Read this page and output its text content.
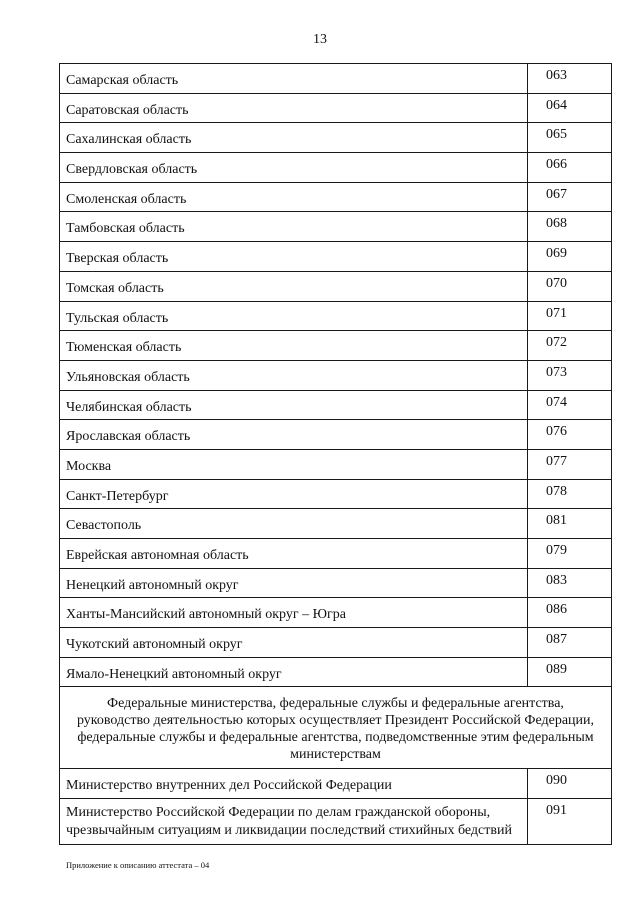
13
Самарская область	063

Саратовская область	064

Сахалинская область	065

Свердловская область	066

Смоленская область	067

Тамбовская область	068

Тверская область	069

Томская область	070

Тульская область	071

Тюменская область	072

Ульяновская область	073

Челябинская область	074

Ярославская область	076

Москва	077

Санкт-Петербург	078

Севастополь	081

Еврейская автономная область	079

Ненецкий автономный округ	083

Ханты-Мансийский автономный округ – Югра	086

Чукотский автономный округ	087

Ямало-Ненецкий автономный округ	089

Федеральные министерства, федеральные службы и федеральные агентства, руководство деятельностью которых осуществляет Президент Российской Федерации, федеральные службы и федеральные агентства, подведомственные этим федеральным министерствам	

Министерство внутренних дел Российской Федерации	090

Министерство Российской Федерации по делам гражданской обороны, чрезвычайным ситуациям и ликвидации последствий стихийных бедствий	091
Приложение к описанию аттестата – 04
